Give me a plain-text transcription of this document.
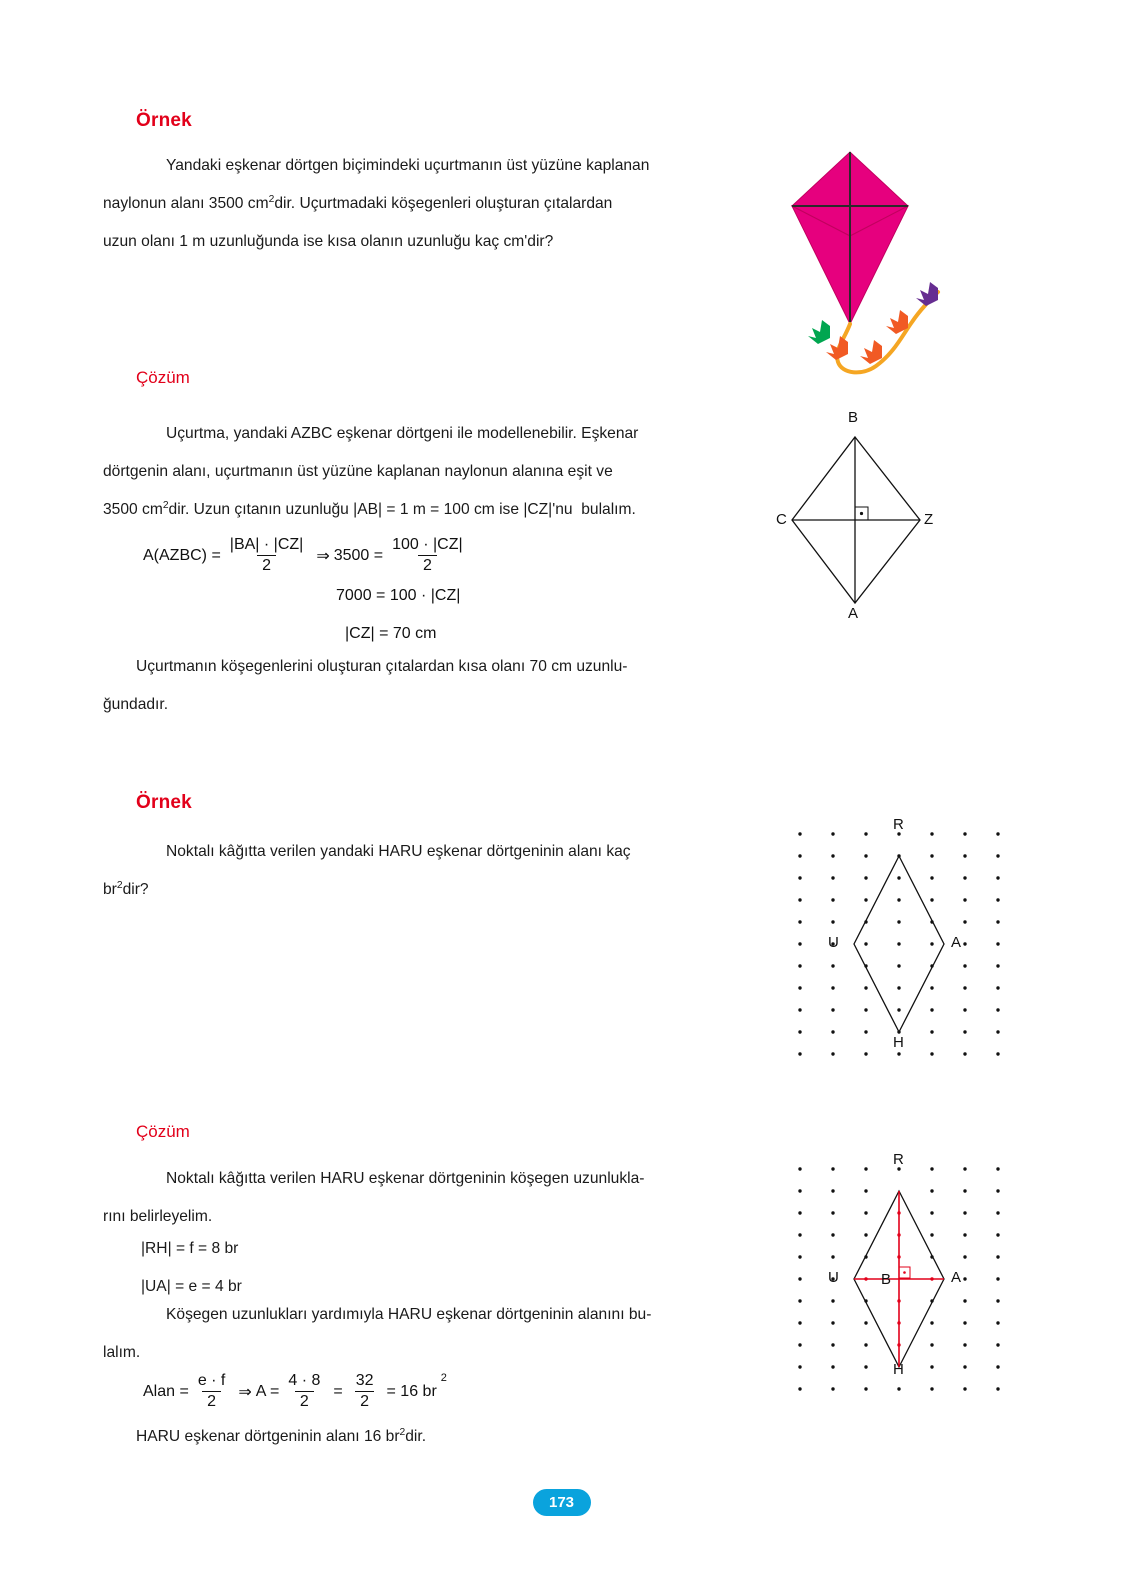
Örnek
Yandaki eşkenar dörtgen biçimindeki uçurtmanın üst yüzüne kaplanan
naylonun alanı 3500 $cm^2dir$. Uçurtmadaki köşegenleri oluşturan çıtalardan
uzun olanı 1 m uzunluğunda ise kısa olanın uzunluğu kaç cm'dir?
Çözüm
Uçurtma, yandaki AZBC eşkenar dörtgeni ile modellenebilir. Eşkenar
dörtgenin alanı, uçurtmanın üst yüzüne kaplanan naylonun alanına eşit ve
3500 $cm^2dir$. Uzun çıtanın uzunluğu |AB| = 1 m = 100 cm ise |CZ|'nu  bulalım.
B
C	Z
A
A(AZBC) = $\frac{|BA| \cdot |CZ|}{2}$ ⇒ $3500 = \frac{100 \cdot |CZ|}{2}$
7000 = 100 · |CZ|
|CZ| = 70 cm
Uçurtmanın köşegenlerini oluşturan çıtalardan kısa olanı 70 cm uzunlu-
ğundadır.
Örnek
Noktalı kâğıtta verilen yandaki HARU eşkenar dörtgeninin alanı kaç
$br^2dir$?
R
U	A
H
Çözüm
Noktalı kâğıtta verilen HARU eşkenar dörtgeninin köşegen uzunlukla-
rını belirleyelim.
|RH| = f = 8 br
|UA| = e = 4 br
Köşegen uzunlukları yardımıyla HARU eşkenar dörtgeninin alanını bu-
lalım.
Alan = $\frac{e \cdot f}{2}$ ⇒ $A = \frac{4 \cdot 8}{2} = \frac{32}{2} = 16$ br
2
HARU eşkenar dörtgeninin alanı 16 $br^2dir$.
R
U	B	A
H
173
